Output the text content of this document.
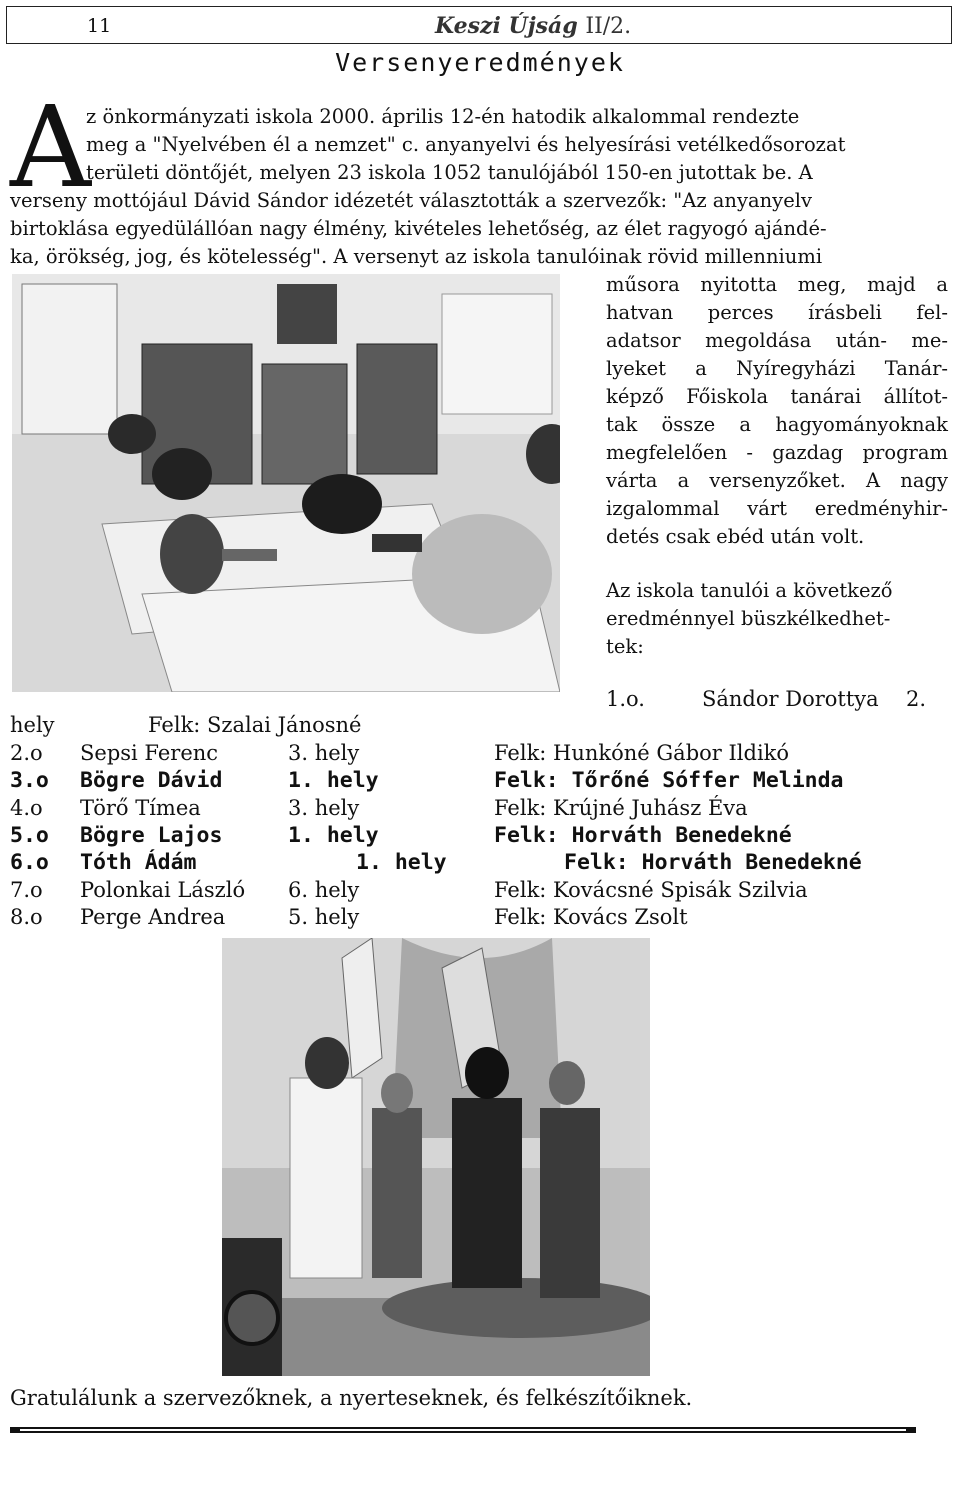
11	Keszi Újság II/2.
Versenyeredmények
A
z önkormányzati iskola 2000. április 12-én hatodik alkalommal rendezte
meg a "Nyelvében él a nemzet" c. anyanyelvi és helyesírási vetélkedősorozat
területi döntőjét, melyen 23 iskola 1052 tanulójából 150-en jutottak be. A
verseny mottójául Dávid Sándor idézetét választották a szervezők: "Az anyanyelv
birtoklása egyedülállóan nagy élmény, kivételes lehetőség, az élet ragyogó ajándé-
ka, örökség, jog, és kötelesség". A versenyt az iskola tanulóinak rövid millenniumi
műsora nyitotta meg, majd a
hatvan perces írásbeli fel-
adatsor megoldása után- me-
lyeket a Nyíregyházi Tanár-
képző Főiskola tanárai állítot-
tak össze a hagyományoknak
megfelelően - gazdag program
várta a versenyzőket. A nagy
izgalommal várt eredményhir-
detés csak ebéd után volt.
Az iskola tanulói a következő
eredménnyel büszkélkedhet-
tek:
1.o.	Sándor Dorottya 2.
hely	Felk: Szalai Jánosné
2.o Sepsi Ferenc	3. hely	Felk: Hunkóné Gábor Ildikó
3.o Bögre Dávid	1. hely	Felk: Tőrőné Sóffer Melinda
4.o Törő Tímea	3. hely	Felk: Krújné Juhász Éva
5.o Bögre Lajos	1. hely	Felk: Horváth Benedekné
6.o Tóth Ádám	1. hely	Felk: Horváth Benedekné
7.o Polonkai László 6. hely	Felk: Kovácsné Spisák Szilvia
8.o Perge Andrea	5. hely	Felk: Kovács Zsolt
Gratulálunk a szervezőknek, a nyerteseknek, és felkészítőiknek.
